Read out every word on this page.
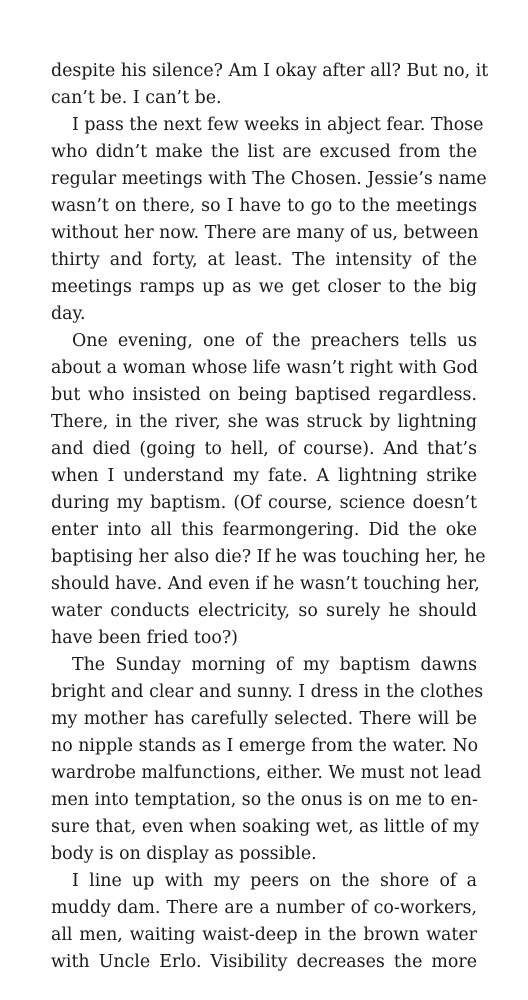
despite his silence? Am I okay after all? But no, it
can’t be. I can’t be.
I pass the next few weeks in abject fear. Those
who didn’t make the list are excused from the
regular meetings with The Chosen. Jessie’s name
wasn’t on there, so I have to go to the meetings
without her now. There are many of us, between
thirty and forty, at least. The intensity of the
meetings ramps up as we get closer to the big
day.
One evening, one of the preachers tells us
about a woman whose life wasn’t right with God
but who insisted on being baptised regardless.
There, in the river, she was struck by lightning
and died (going to hell, of course). And that’s
when I understand my fate. A lightning strike
during my baptism. (Of course, science doesn’t
enter into all this fearmongering. Did the oke
baptising her also die? If he was touching her, he
should have. And even if he wasn’t touching her,
water conducts electricity, so surely he should
have been fried too?)
The Sunday morning of my baptism dawns
bright and clear and sunny. I dress in the clothes
my mother has carefully selected. There will be
no nipple stands as I emerge from the water. No
wardrobe malfunctions, either. We must not lead
men into temptation, so the onus is on me to en-
sure that, even when soaking wet, as little of my
body is on display as possible.
I line up with my peers on the shore of a
muddy dam. There are a number of co-workers,
all men, waiting waist-deep in the brown water
with Uncle Erlo. Visibility decreases the more
